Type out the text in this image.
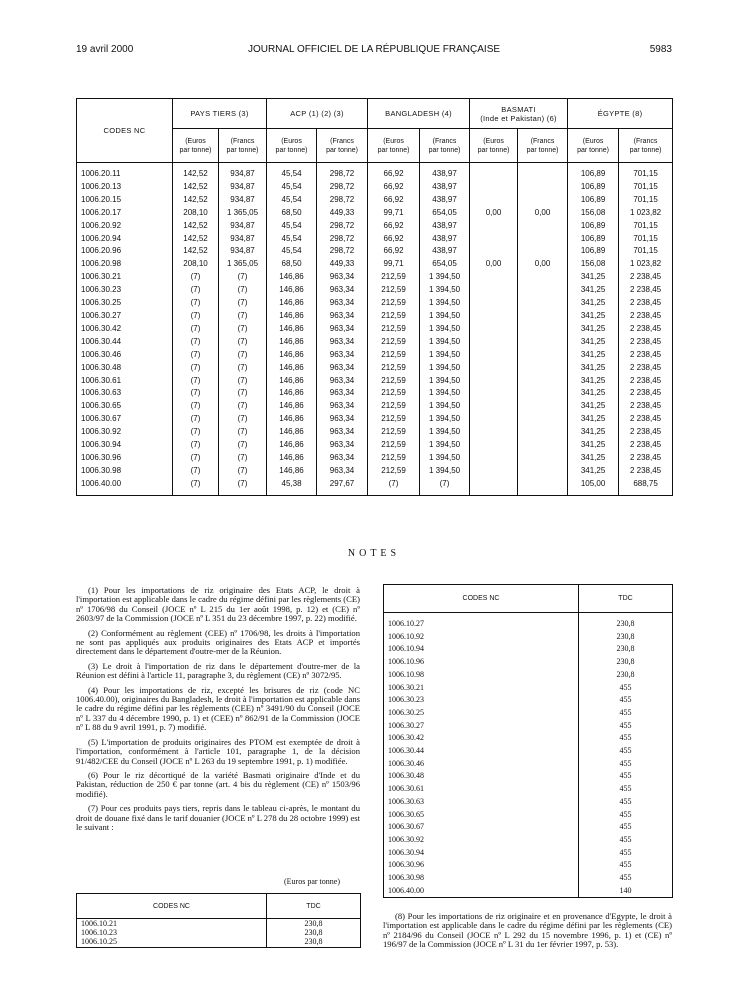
19 avril 2000	JOURNAL OFFICIEL DE LA RÉPUBLIQUE FRANÇAISE	5983
CODES NC	PAYS TIERS (3)		ACP (1) (2) (3)		BANGLADESH (4)		BASMATI
(Inde et Pakistan) (6)		ÉGYPTE (8)	
	(Euros
par tonne)	(Francs
par tonne)	(Euros
par tonne)	(Francs
par tonne)	(Euros
par tonne)	(Francs
par tonne)	(Euros
par tonne)	(Francs
par tonne)	(Euros
par tonne)	(Francs
par tonne)
1006.20.11	142,52	934,87	45,54	298,72	66,92	438,97			106,89	701,15
1006.20.13	142,52	934,87	45,54	298,72	66,92	438,97			106,89	701,15
1006.20.15	142,52	934,87	45,54	298,72	66,92	438,97			106,89	701,15
1006.20.17	208,10	1 365,05	68,50	449,33	99,71	654,05	0,00	0,00	156,08	1 023,82
1006.20.92	142,52	934,87	45,54	298,72	66,92	438,97			106,89	701,15
1006.20.94	142,52	934,87	45,54	298,72	66,92	438,97			106,89	701,15
1006.20.96	142,52	934,87	45,54	298,72	66,92	438,97			106,89	701,15
1006.20.98	208,10	1 365,05	68,50	449,33	99,71	654,05	0,00	0,00	156,08	1 023,82
1006.30.21	(7)	(7)	146,86	963,34	212,59	1 394,50			341,25	2 238,45
1006.30.23	(7)	(7)	146,86	963,34	212,59	1 394,50			341,25	2 238,45
1006.30.25	(7)	(7)	146,86	963,34	212,59	1 394,50			341,25	2 238,45
1006.30.27	(7)	(7)	146,86	963,34	212,59	1 394,50			341,25	2 238,45
1006.30.42	(7)	(7)	146,86	963,34	212,59	1 394,50			341,25	2 238,45
1006.30.44	(7)	(7)	146,86	963,34	212,59	1 394,50			341,25	2 238,45
1006.30.46	(7)	(7)	146,86	963,34	212,59	1 394,50			341,25	2 238,45
1006.30.48	(7)	(7)	146,86	963,34	212,59	1 394,50			341,25	2 238,45
1006.30.61	(7)	(7)	146,86	963,34	212,59	1 394,50			341,25	2 238,45
1006.30.63	(7)	(7)	146,86	963,34	212,59	1 394,50			341,25	2 238,45
1006.30.65	(7)	(7)	146,86	963,34	212,59	1 394,50			341,25	2 238,45
1006.30.67	(7)	(7)	146,86	963,34	212,59	1 394,50			341,25	2 238,45
1006.30.92	(7)	(7)	146,86	963,34	212,59	1 394,50			341,25	2 238,45
1006.30.94	(7)	(7)	146,86	963,34	212,59	1 394,50			341,25	2 238,45
1006.30.96	(7)	(7)	146,86	963,34	212,59	1 394,50			341,25	2 238,45
1006.30.98	(7)	(7)	146,86	963,34	212,59	1 394,50			341,25	2 238,45
1006.40.00	(7)	(7)	45,38	297,67	(7)	(7)			105,00	688,75
NOTES

(1) Pour les importations de riz originaire des Etats ACP, le droit à l'importation est applicable dans le cadre du régime défini par les règlements (CE) nº 1706/98 du Conseil (JOCE nº L 215 du 1er août 1998, p. 12) et (CE) nº 2603/97 de la Commission (JOCE nº L 351 du 23 décembre 1997, p. 22) modifié.

(2) Conformément au règlement (CEE) nº 1706/98, les droits à l'importation ne sont pas appliqués aux produits originaires des Etats ACP et importés directement dans le département d'outre-mer de la Réunion.

(3) Le droit à l'importation de riz dans le département d'outre-mer de la Réunion est défini à l'article 11, paragraphe 3, du règlement (CE) nº 3072/95.

(4) Pour les importations de riz, excepté les brisures de riz (code NC 1006.40.00), originaires du Bangladesh, le droit à l'importation est applicable dans le cadre du régime défini par les règlements (CEE) nº 3491/90 du Conseil (JOCE nº L 337 du 4 décembre 1990, p. 1) et (CEE) nº 862/91 de la Commission (JOCE nº L 88 du 9 avril 1991, p. 7) modifié.

(5) L'importation de produits originaires des PTOM est exemptée de droit à l'importation, conformément à l'article 101, paragraphe 1, de la décision 91/482/CEE du Conseil (JOCE nº L 263 du 19 septembre 1991, p. 1) modifiée.

(6) Pour le riz décortiqué de la variété Basmati originaire d'Inde et du Pakistan, réduction de 250 € par tonne (art. 4 bis du règlement (CE) nº 1503/96 modifié).

(7) Pour ces produits pays tiers, repris dans le tableau ci-après, le montant du droit de douane fixé dans le tarif douanier (JOCE nº L 278 du 28 octobre 1999) est le suivant :

(Euros par tonne)
CODES NC	TDC
1006.10.21	230,8
1006.10.23	230,8
1006.10.25	230,8
CODES NC	TDC
1006.10.27	230,8
1006.10.92	230,8
1006.10.94	230,8
1006.10.96	230,8
1006.10.98	230,8
1006.30.21	455
1006.30.23	455
1006.30.25	455
1006.30.27	455
1006.30.42	455
1006.30.44	455
1006.30.46	455
1006.30.48	455
1006.30.61	455
1006.30.63	455
1006.30.65	455
1006.30.67	455
1006.30.92	455
1006.30.94	455
1006.30.96	455
1006.30.98	455
1006.40.00	140

(8) Pour les importations de riz originaire et en provenance d'Egypte, le droit à l'importation est applicable dans le cadre du régime défini par les règlements (CE) nº 2184/96 du Conseil (JOCE nº L 292 du 15 novembre 1996, p. 1) et (CE) nº 196/97 de la Commission (JOCE nº L 31 du 1er février 1997, p. 53).
